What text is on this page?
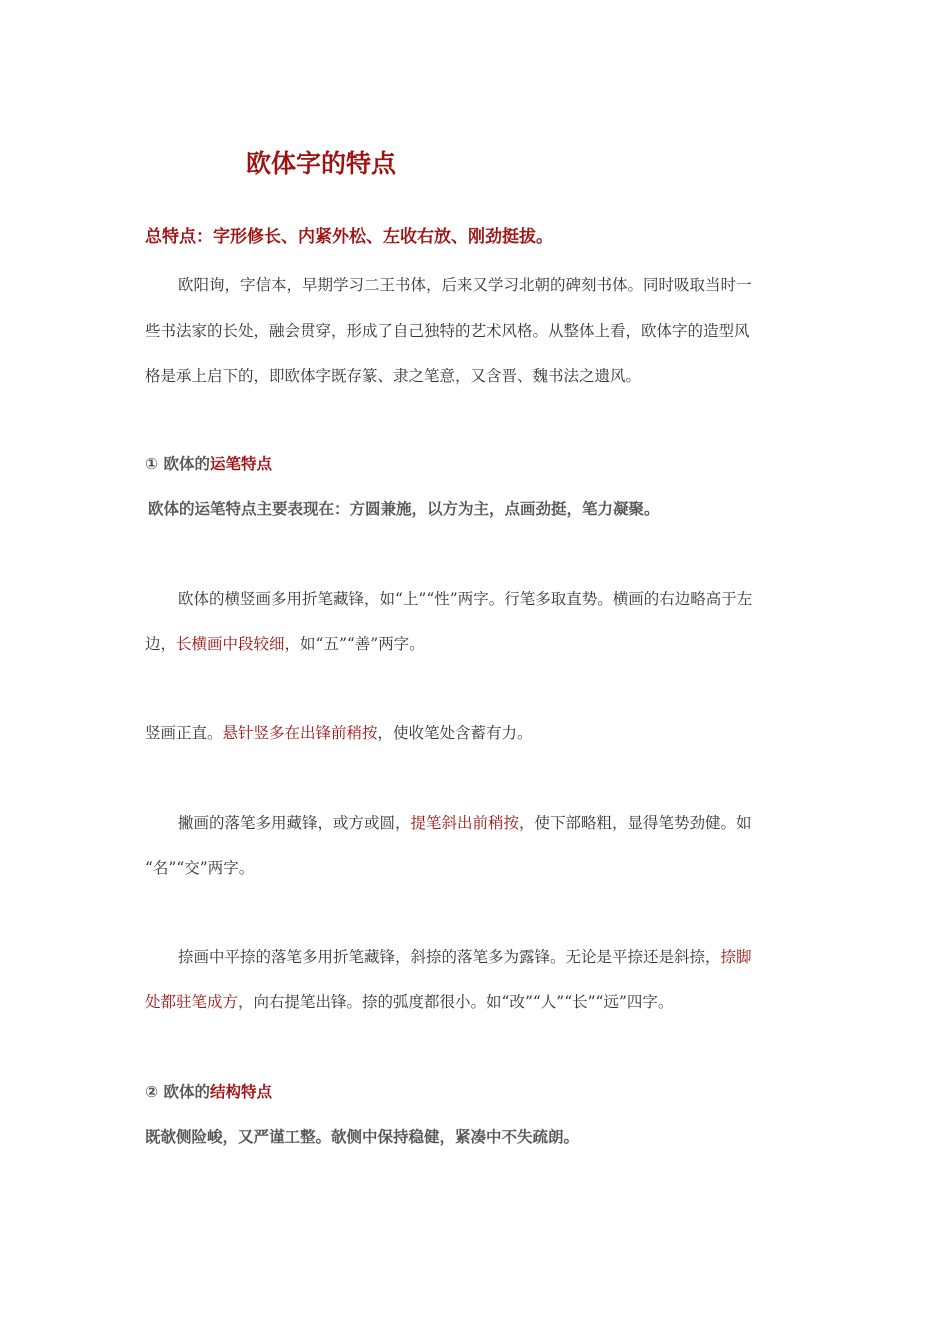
欧体字的特点
总特点：字形修长、内紧外松、左收右放、刚劲挺拔。
欧阳询，字信本，早期学习二王书体，后来又学习北朝的碑刻书体。同时吸取当时一
些书法家的长处，融会贯穿，形成了自己独特的艺术风格。从整体上看，欧体字的造型风
格是承上启下的，即欧体字既存篆、隶之笔意，又含晋、魏书法之遗风。
① 欧体的运笔特点
欧体的运笔特点主要表现在：方圆兼施，以方为主，点画劲挺，笔力凝聚。
欧体的横竖画多用折笔藏锋，如“上”“性”两字。行笔多取直势。横画的右边略高于左
边，长横画中段较细，如“五”“善”两字。
竖画正直。悬针竖多在出锋前稍按，使收笔处含蓄有力。
撇画的落笔多用藏锋，或方或圆，提笔斜出前稍按，使下部略粗，显得笔势劲健。如
“名”“交”两字。
捺画中平捺的落笔多用折笔藏锋，斜捺的落笔多为露锋。无论是平捺还是斜捺，捺脚
处都驻笔成方，向右提笔出锋。捺的弧度都很小。如“改”“人”“长”“远”四字。
② 欧体的结构特点
既欹侧险峻，又严谨工整。欹侧中保持稳健，紧凑中不失疏朗。
